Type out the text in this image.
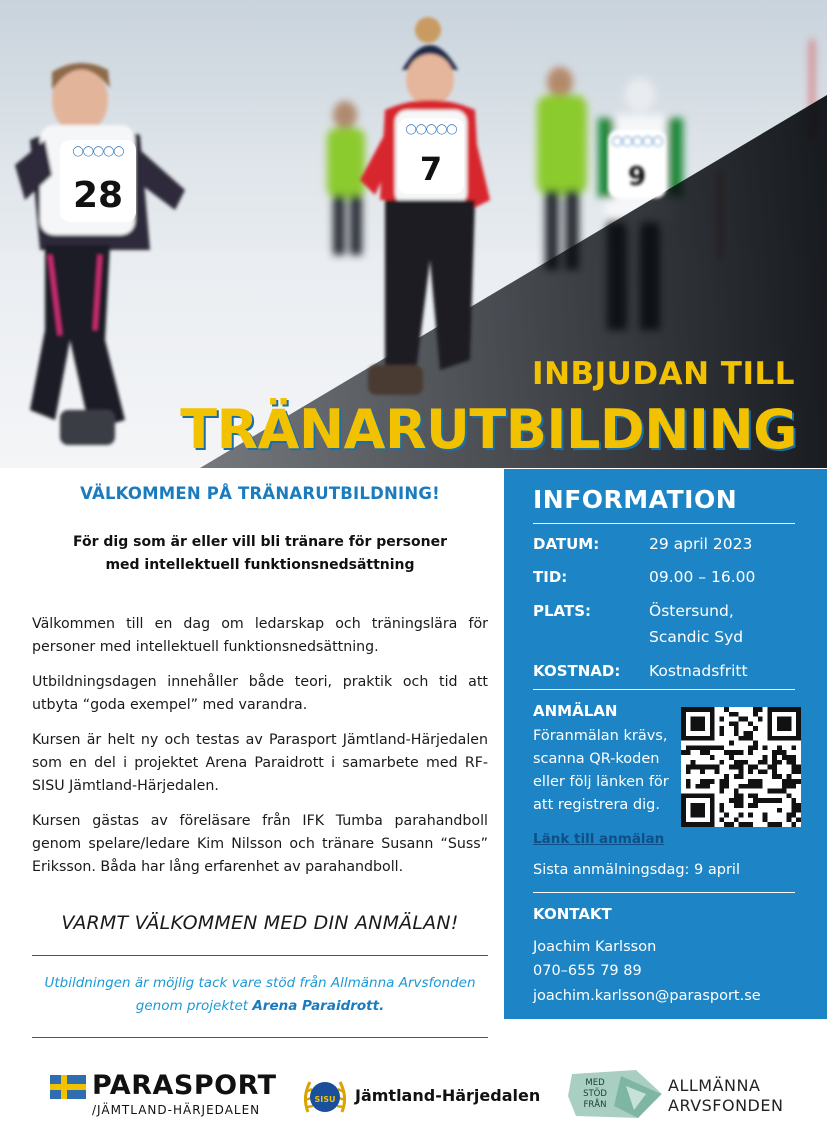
◯◯◯◯◯
28
◯◯◯◯◯
7
◯◯◯◯◯
9
INBJUDAN TILL
TRÄNARUTBILDNING
VÄLKOMMEN PÅ TRÄNARUTBILDNING!
För dig som är eller vill bli tränare för personer
med intellektuell funktionsnedsättning

Välkommen till en dag om ledarskap och träningslära för personer med intellektuell funktionsnedsättning.

Utbildningsdagen innehåller både teori, praktik och tid att utbyta “goda exempel” med varandra.

Kursen är helt ny och testas av Parasport Jämtland-Härjedalen som en del i projektet Arena Paraidrott i samarbete med RF-SISU Jämtland-Härjedalen.

Kursen gästas av föreläsare från IFK Tumba parahandboll genom spelare/ledare Kim Nilsson och tränare Susann “Suss” Eriksson. Båda har lång erfarenhet av parahandboll.

VARMT VÄLKOMMEN MED DIN ANMÄLAN!
Utbildningen är möjlig tack vare stöd från Allmänna Arvsfonden genom projektet Arena Paraidrott.
INFORMATION
DATUM:	29 april 2023
TID:	09.00 – 16.00
PLATS:	Östersund,
Scandic Syd
KOSTNAD: Kostnadsfritt
ANMÄLAN
Föranmälan krävs, scanna QR-koden eller följ länken för att registrera dig.
Länk till anmälan
Sista anmälningsdag: 9 april
KONTAKT
Joachim Karlsson
070–655 79 89
joachim.karlsson@parasport.se
PARASPORT
/JÄMTLAND-HÄRJEDALEN
SISU Jämtland-Härjedalen
MED
STÖD
FRÅN
ALLMÄNNA
ARVSFONDEN
